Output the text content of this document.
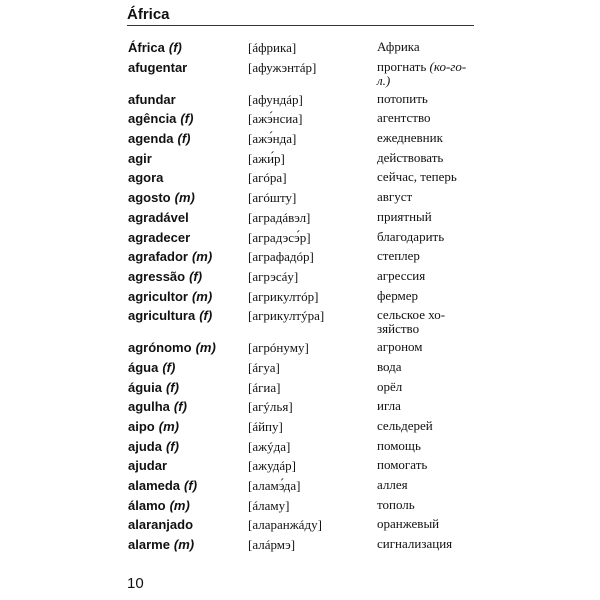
África
África (f)	[áфрика]	Африка
afugentar	[афужэнтáр]	прогнать (ко-го-л.)
afundar	[афундáр]	потопить
agência (f)	[ажэ́нсиа]	агентство
agenda (f)	[ажэ́нда]	ежедневник
agir	[ажи́р]	действовать
agora	[агóра]	сейчас, теперь
agosto (m)	[агóшту]	август
agradável	[аградáвэл]	приятный
agradecer	[аградэсэ́р]	благодарить
agrafador (m)	[аграфадóр]	степлер
agressão (f)	[агрэсáу]	агрессия
agricultor (m)	[агрикултóр]	фермер
agricultura (f)	[агрикултýра]	сельское хо-зяйство
agrónomo (m) [агрóнуму]	агроном
água (f)	[áгуа]	вода
águia (f)	[áгиа]	орёл
agulha (f)	[агýлья]	игла
aipo (m)	[áйпу]	сельдерей
ajuda (f)	[ажýда]	помощь
ajudar	[ажудáр]	помогать
alameda (f)	[аламэ́да]	аллея
álamo (m)	[áламу]	тополь
alaranjado	[аларанжáду]	оранжевый
alarme (m)	[алáрмэ]	сигнализация
10
